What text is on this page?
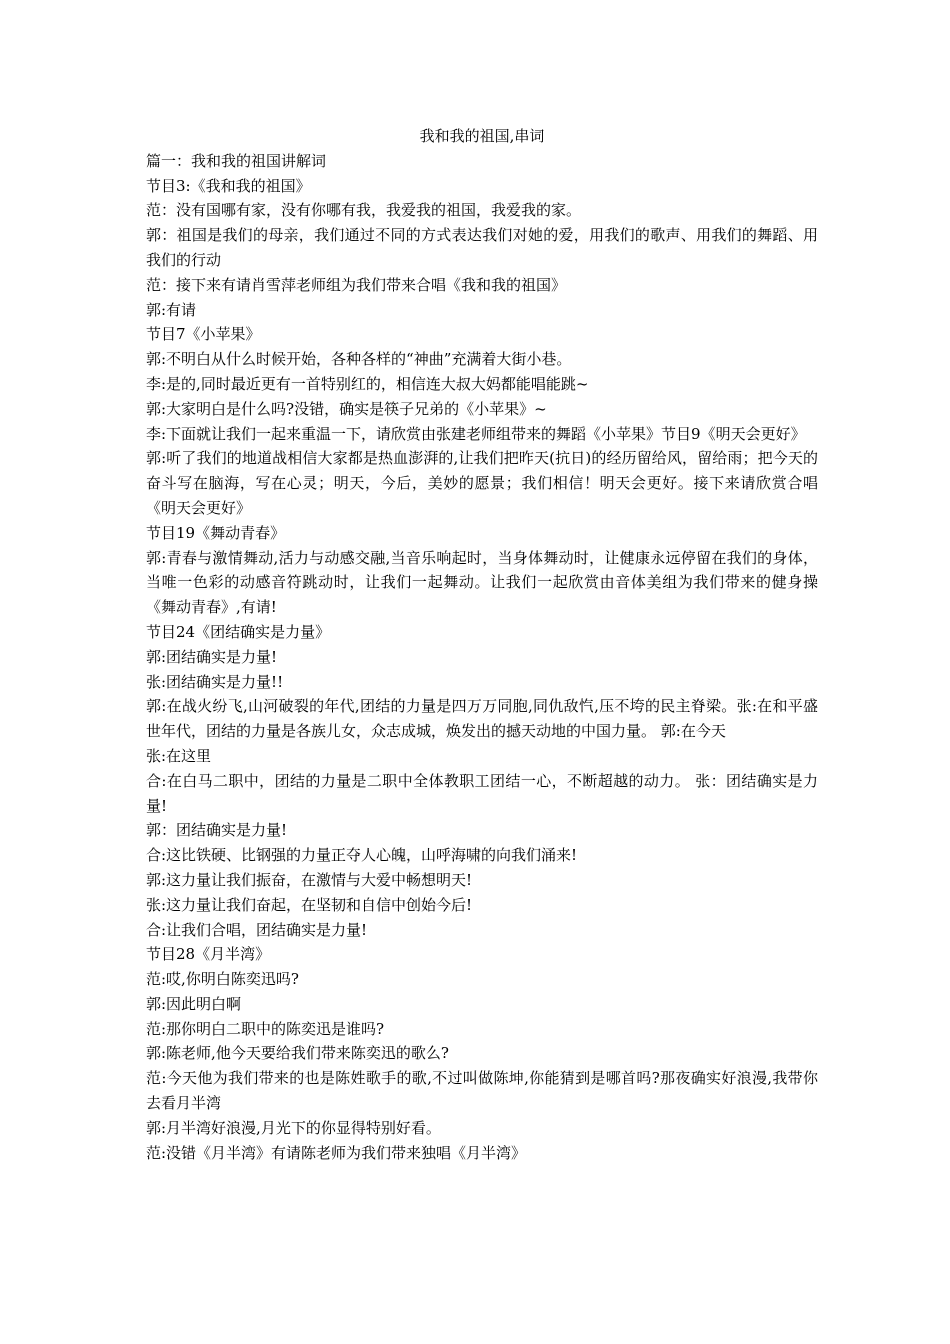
我和我的祖国,串词

篇一：我和我的祖国讲解词

节目3:《我和我的祖国》

范：没有国哪有家，没有你哪有我，我爱我的祖国，我爱我的家。

郭：祖国是我们的母亲，我们通过不同的方式表达我们对她的爱，用我们的歌声、用我们的舞蹈、用我们的行动

范：接下来有请肖雪萍老师组为我们带来合唱《我和我的祖国》

郭:有请

节目7《小苹果》

郭:不明白从什么时候开始，各种各样的“神曲”充满着大街小巷。

李:是的,同时最近更有一首特别红的，相信连大叔大妈都能唱能跳~

郭:大家明白是什么吗?没错，确实是筷子兄弟的《小苹果》~

李:下面就让我们一起来重温一下，请欣赏由张建老师组带来的舞蹈《小苹果》节目9《明天会更好》

郭:听了我们的地道战相信大家都是热血澎湃的,让我们把昨天(抗日)的经历留给风，留给雨；把今天的奋斗写在脑海，写在心灵；明天，今后，美妙的愿景；我们相信！明天会更好。接下来请欣赏合唱《明天会更好》

节目19《舞动青春》

郭:青春与激情舞动,活力与动感交融,当音乐响起时，当身体舞动时，让健康永远停留在我们的身体，当唯一色彩的动感音符跳动时，让我们一起舞动。让我们一起欣赏由音体美组为我们带来的健身操《舞动青春》,有请!

节目24《团结确实是力量》

郭:团结确实是力量!

张:团结确实是力量!!

郭:在战火纷飞,山河破裂的年代,团结的力量是四万万同胞,同仇敌忾,压不垮的民主脊梁。张:在和平盛世年代，团结的力量是各族儿女，众志成城，焕发出的撼天动地的中国力量。 郭:在今天

张:在这里

合:在白马二职中，团结的力量是二职中全体教职工团结一心，不断超越的动力。 张：团结确实是力量!

郭：团结确实是力量!

合:这比铁硬、比钢强的力量正夺人心魄，山呼海啸的向我们涌来!

郭:这力量让我们振奋，在激情与大爱中畅想明天!

张:这力量让我们奋起，在坚韧和自信中创始今后!

合:让我们合唱，团结确实是力量!

节目28《月半湾》

范:哎,你明白陈奕迅吗?

郭:因此明白啊

范:那你明白二职中的陈奕迅是谁吗?

郭:陈老师,他今天要给我们带来陈奕迅的歌么?

范:今天他为我们带来的也是陈姓歌手的歌,不过叫做陈坤,你能猜到是哪首吗?那夜确实好浪漫,我带你去看月半湾

郭:月半湾好浪漫,月光下的你显得特别好看。

范:没错《月半湾》有请陈老师为我们带来独唱《月半湾》
